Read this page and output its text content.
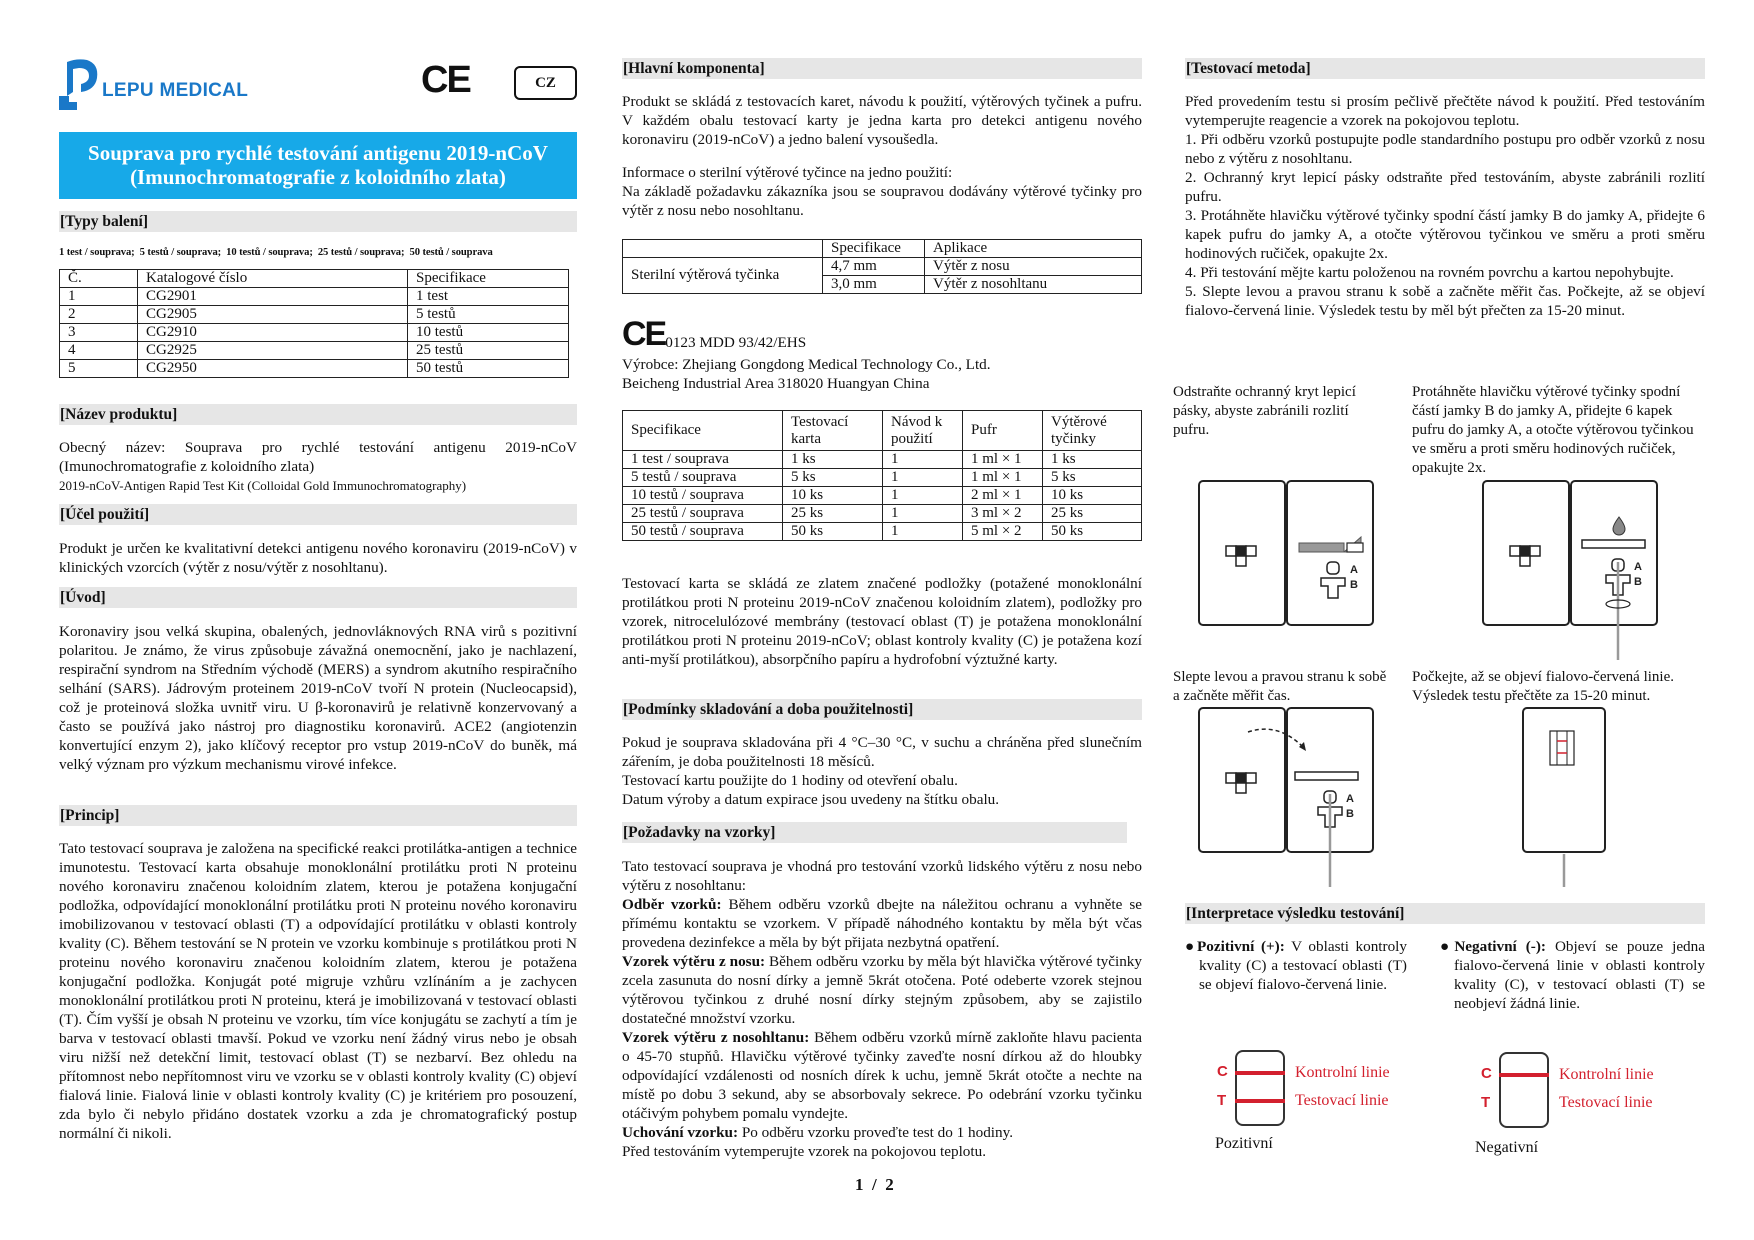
LEPU MEDICAL	CE	CZ
Souprava pro rychlé testování antigenu 2019-nCoV
(Imunochromatografie z koloidního zlata)
[Typy balení]
1 test / souprava;  5 testů / souprava;  10 testů / souprava;  25 testů / souprava;  50 testů / souprava
Č.	Katalogové číslo	Specifikace
1	CG2901	1 test
2	CG2905	5 testů
3	CG2910	10 testů
4	CG2925	25 testů
5	CG2950	50 testů
[Název produktu]
Obecný název: Souprava pro rychlé testování antigenu 2019-nCoV (Imunochromatografie z koloidního zlata)
2019-nCoV-Antigen Rapid Test Kit (Colloidal Gold Immunochromatography)
[Účel použití]
Produkt je určen ke kvalitativní detekci antigenu nového koronaviru (2019-nCoV) v klinických vzorcích (výtěr z nosu/výtěr z nosohltanu).
[Úvod]
Koronaviry jsou velká skupina, obalených, jednovláknových RNA virů s pozitivní polaritou. Je známo, že virus způsobuje závažná onemocnění, jako je nachlazení, respirační syndrom na Středním východě (MERS) a syndrom akutního respiračního selhání (SARS). Jádrovým proteinem 2019-nCoV tvoří N protein (Nucleocapsid), což je proteinová složka uvnitř viru. U β-koronavirů je relativně konzervovaný a často se používá jako nástroj pro diagnostiku koronavirů. ACE2 (angiotenzin konvertující enzym 2), jako klíčový receptor pro vstup 2019-nCoV do buněk, má velký význam pro výzkum mechanismu virové infekce.
[Princip]
Tato testovací souprava je založena na specifické reakci protilátka-antigen a technice imunotestu. Testovací karta obsahuje monoklonální protilátku proti N proteinu nového koronaviru značenou koloidním zlatem, kterou je potažena konjugační podložka, odpovídající monoklonální protilátku proti N proteinu nového koronaviru imobilizovanou v testovací oblasti (T) a odpovídající protilátku v oblasti kontroly kvality (C). Během testování se N protein ve vzorku kombinuje s protilátkou proti N proteinu nového koronaviru značenou koloidním zlatem, kterou je potažena konjugační podložka. Konjugát poté migruje vzhůru vzlínáním a je zachycen monoklonální protilátkou proti N proteinu, která je imobilizovaná v testovací oblasti (T). Čím vyšší je obsah N proteinu ve vzorku, tím více konjugátu se zachytí a tím je barva v testovací oblasti tmavší. Pokud ve vzorku není žádný virus nebo je obsah viru nižší než detekční limit, testovací oblast (T) se nezbarví. Bez ohledu na přítomnost nebo nepřítomnost viru ve vzorku se v oblasti kontroly kvality (C) objeví fialová linie. Fialová linie v oblasti kontroly kvality (C) je kritériem pro posouzení, zda bylo či nebylo přidáno dostatek vzorku a zda je chromatografický postup normální či nikoli.
[Hlavní komponenta]
Produkt se skládá z testovacích karet, návodu k použití, výtěrových tyčinek a pufru. V každém obalu testovací karty je jedna karta pro detekci antigenu nového koronaviru (2019-nCoV) a jedno balení vysoušedla.
Informace o sterilní výtěrové tyčince na jedno použití:
Na základě požadavku zákazníka jsou se soupravou dodávány výtěrové tyčinky pro výtěr z nosu nebo nosohltanu.
	Specifikace	Aplikace
Sterilní výtěrová tyčinka	4,7 mm	Výtěr z nosu
	3,0 mm	Výtěr z nosohltanu
CE0123 MDD 93/42/EHS
Výrobce: Zhejiang Gongdong Medical Technology Co., Ltd.
Beicheng Industrial Area 318020 Huangyan China
Specifikace	Testovací karta	Návod k použití	Pufr	Výtěrové tyčinky
1 test / souprava	1 ks	1	1 ml × 1	1 ks
5 testů / souprava	5 ks	1	1 ml × 1	5 ks
10 testů / souprava	10 ks	1	2 ml × 1	10 ks
25 testů / souprava	25 ks	1	3 ml × 2	25 ks
50 testů / souprava	50 ks	1	5 ml × 2	50 ks
Testovací karta se skládá ze zlatem značené podložky (potažené monoklonální protilátkou proti N proteinu 2019-nCoV značenou koloidním zlatem), podložky pro vzorek, nitrocelulózové membrány (testovací oblast (T) je potažena monoklonální protilátkou proti N proteinu 2019-nCoV; oblast kontroly kvality (C) je potažena kozí anti-myší protilátkou), absorpčního papíru a hydrofobní výztužné karty.
[Podmínky skladování a doba použitelnosti]
Pokud je souprava skladována při 4 °C–30 °C, v suchu a chráněna před slunečním zářením, je doba použitelnosti 18 měsíců.
Testovací kartu použijte do 1 hodiny od otevření obalu.
Datum výroby a datum expirace jsou uvedeny na štítku obalu.
[Požadavky na vzorky]
Tato testovací souprava je vhodná pro testování vzorků lidského výtěru z nosu nebo výtěru z nosohltanu:
Odběr vzorků: Během odběru vzorků dbejte na náležitou ochranu a vyhněte se přímému kontaktu se vzorkem. V případě náhodného kontaktu by měla být včas provedena dezinfekce a měla by být přijata nezbytná opatření.
Vzorek výtěru z nosu: Během odběru vzorku by měla být hlavička výtěrové tyčinky zcela zasunuta do nosní dírky a jemně 5krát otočena. Poté odeberte vzorek stejnou výtěrovou tyčinkou z druhé nosní dírky stejným způsobem, aby se zajistilo dostatečné množství vzorku.
Vzorek výtěru z nosohltanu: Během odběru vzorků mírně zakloňte hlavu pacienta o 45-70 stupňů. Hlavičku výtěrové tyčinky zaveďte nosní dírkou až do hloubky odpovídající vzdálenosti od nosních dírek k uchu, jemně 5krát otočte a nechte na místě po dobu 3 sekund, aby se absorbovaly sekrece. Po odebrání vzorku tyčinku otáčivým pohybem pomalu vyndejte.
Uchování vzorku: Po odběru vzorku proveďte test do 1 hodiny.
Před testováním vytemperujte vzorek na pokojovou teplotu.
[Testovací metoda]
Před provedením testu si prosím pečlivě přečtěte návod k použití. Před testováním vytemperujte reagencie a vzorek na pokojovou teplotu.
1. Při odběru vzorků postupujte podle standardního postupu pro odběr vzorků z nosu nebo z výtěru z nosohltanu.
2. Ochranný kryt lepicí pásky odstraňte před testováním, abyste zabránili rozlití pufru.
3. Protáhněte hlavičku výtěrové tyčinky spodní částí jamky B do jamky A, přidejte 6 kapek pufru do jamky A, a otočte výtěrovou tyčinkou ve směru a proti směru hodinových ručiček, opakujte 2x.
4. Při testování mějte kartu položenou na rovném povrchu a kartou nepohybujte.
5. Slepte levou a pravou stranu k sobě a začněte měřit čas. Počkejte, až se objeví fialovo-červená linie. Výsledek testu by měl být přečten za 15-20 minut.
Odstraňte ochranný kryt lepicí pásky, abyste zabránili rozlití pufru.
Protáhněte hlavičku výtěrové tyčinky spodní částí jamky B do jamky A, přidejte 6 kapek pufru do jamky A, a otočte výtěrovou tyčinkou ve směru a proti směru hodinových ručiček, opakujte 2x.
A
B
A
B
Slepte levou a pravou stranu k sobě a začněte měřit čas.
Počkejte, až se objeví fialovo-červená linie. Výsledek testu přečtěte za 15-20 minut.
A
B
[Interpretace výsledku testování]
●Pozitivní (+): V oblasti kontroly kvality (C) a testovací oblasti (T) se objeví fialovo-červená linie.
●Negativní (-): Objeví se pouze jedna fialovo-červená linie v oblasti kontroly kvality (C), v testovací oblasti (T) se neobjeví žádná linie.
C
T
Kontrolní linie
Testovací linie
Pozitivní
C
T
Kontrolní linie
Testovací linie
Negativní
1  /  2
